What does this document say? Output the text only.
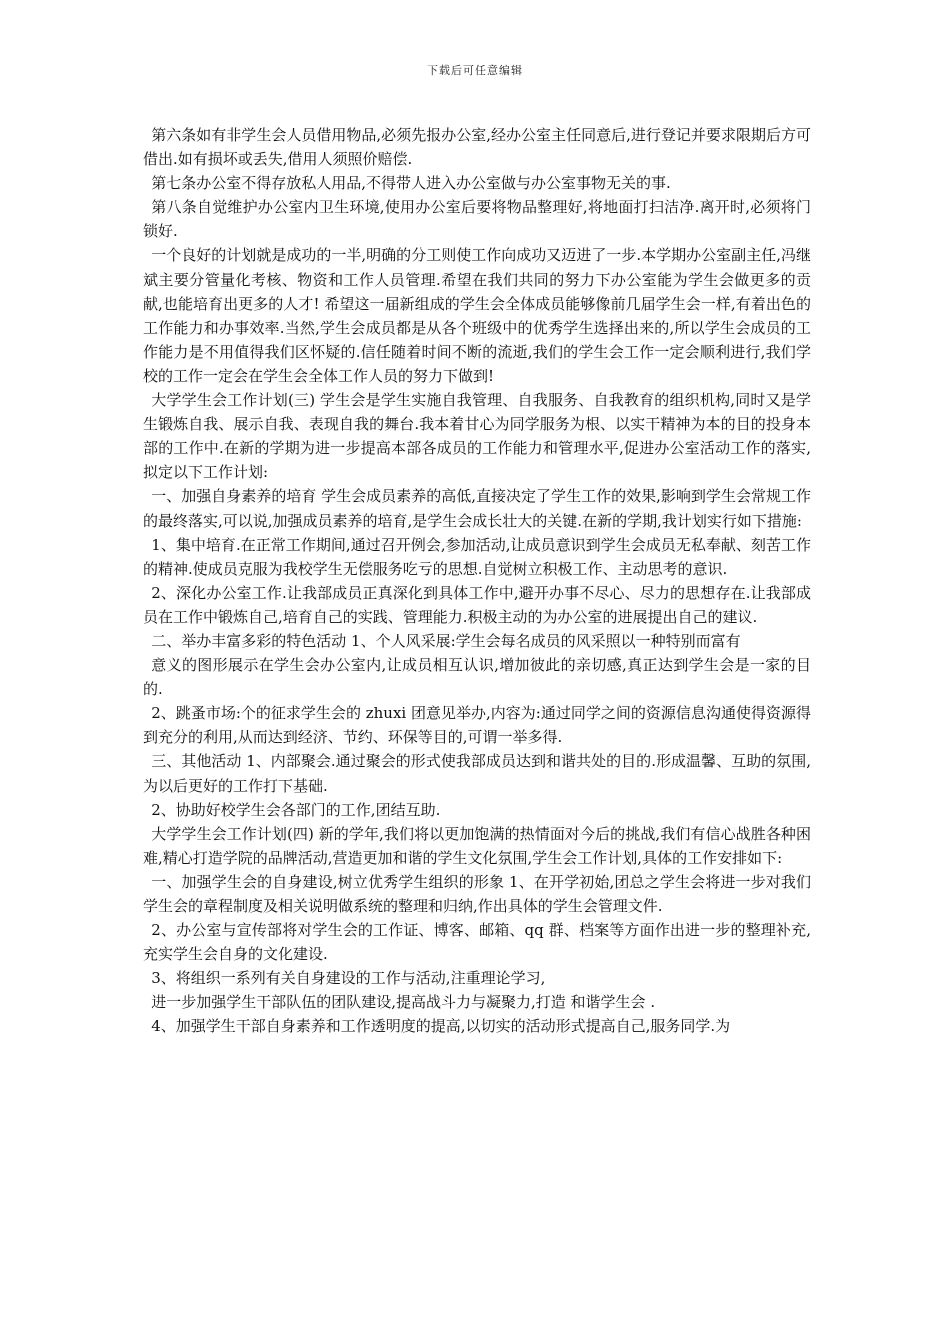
下载后可任意编辑

第六条如有非学生会人员借用物品,必须先报办公室,经办公室主任同意后,进行登记并要求限期后方可借出.如有损坏或丢失,借用人须照价赔偿.

第七条办公室不得存放私人用品,不得带人进入办公室做与办公室事物无关的事.

第八条自觉维护办公室内卫生环境,使用办公室后要将物品整理好,将地面打扫洁净.离开时,必须将门锁好.

一个良好的计划就是成功的一半,明确的分工则使工作向成功又迈进了一步.本学期办公室副主任,冯继斌主要分管量化考核、物资和工作人员管理.希望在我们共同的努力下办公室能为学生会做更多的贡献,也能培育出更多的人才! 希望这一届新组成的学生会全体成员能够像前几届学生会一样,有着出色的工作能力和办事效率.当然,学生会成员都是从各个班级中的优秀学生选择出来的,所以学生会成员的工作能力是不用值得我们区怀疑的.信任随着时间不断的流逝,我们的学生会工作一定会顺利进行,我们学校的工作一定会在学生会全体工作人员的努力下做到!

大学学生会工作计划(三) 学生会是学生实施自我管理、自我服务、自我教育的组织机构,同时又是学生锻炼自我、展示自我、表现自我的舞台.我本着甘心为同学服务为根、以实干精神为本的目的投身本部的工作中.在新的学期为进一步提高本部各成员的工作能力和管理水平,促进办公室活动工作的落实,拟定以下工作计划:

一、加强自身素养的培育 学生会成员素养的高低,直接决定了学生工作的效果,影响到学生会常规工作的最终落实,可以说,加强成员素养的培育,是学生会成长壮大的关键.在新的学期,我计划实行如下措施:

1、集中培育.在正常工作期间,通过召开例会,参加活动,让成员意识到学生会成员无私奉献、刻苦工作的精神.使成员克服为我校学生无偿服务吃亏的思想.自觉树立积极工作、主动思考的意识.

2、深化办公室工作.让我部成员正真深化到具体工作中,避开办事不尽心、尽力的思想存在.让我部成员在工作中锻炼自己,培育自己的实践、管理能力.积极主动的为办公室的进展提出自己的建议.

二、举办丰富多彩的特色活动 1、个人风采展:学生会每名成员的风采照以一种特别而富有

意义的图形展示在学生会办公室内,让成员相互认识,增加彼此的亲切感,真正达到学生会是一家的目的.

2、跳蚤市场:个的征求学生会的 zhuxi 团意见举办,内容为:通过同学之间的资源信息沟通使得资源得到充分的利用,从而达到经济、节约、环保等目的,可谓一举多得.

三、其他活动 1、内部聚会.通过聚会的形式使我部成员达到和谐共处的目的.形成温馨、互助的氛围,为以后更好的工作打下基础.

2、协助好校学生会各部门的工作,团结互助.

大学学生会工作计划(四) 新的学年,我们将以更加饱满的热情面对今后的挑战,我们有信心战胜各种困难,精心打造学院的品牌活动,营造更加和谐的学生文化氛围,学生会工作计划,具体的工作安排如下:

一、加强学生会的自身建设,树立优秀学生组织的形象 1、在开学初始,团总之学生会将进一步对我们学生会的章程制度及相关说明做系统的整理和归纳,作出具体的学生会管理文件.

2、办公室与宣传部将对学生会的工作证、博客、邮箱、qq 群、档案等方面作出进一步的整理补充,充实学生会自身的文化建设.

3、将组织一系列有关自身建设的工作与活动,注重理论学习,

进一步加强学生干部队伍的团队建设,提高战斗力与凝聚力,打造 和谐学生会 .

4、加强学生干部自身素养和工作透明度的提高,以切实的活动形式提高自己,服务同学.为
